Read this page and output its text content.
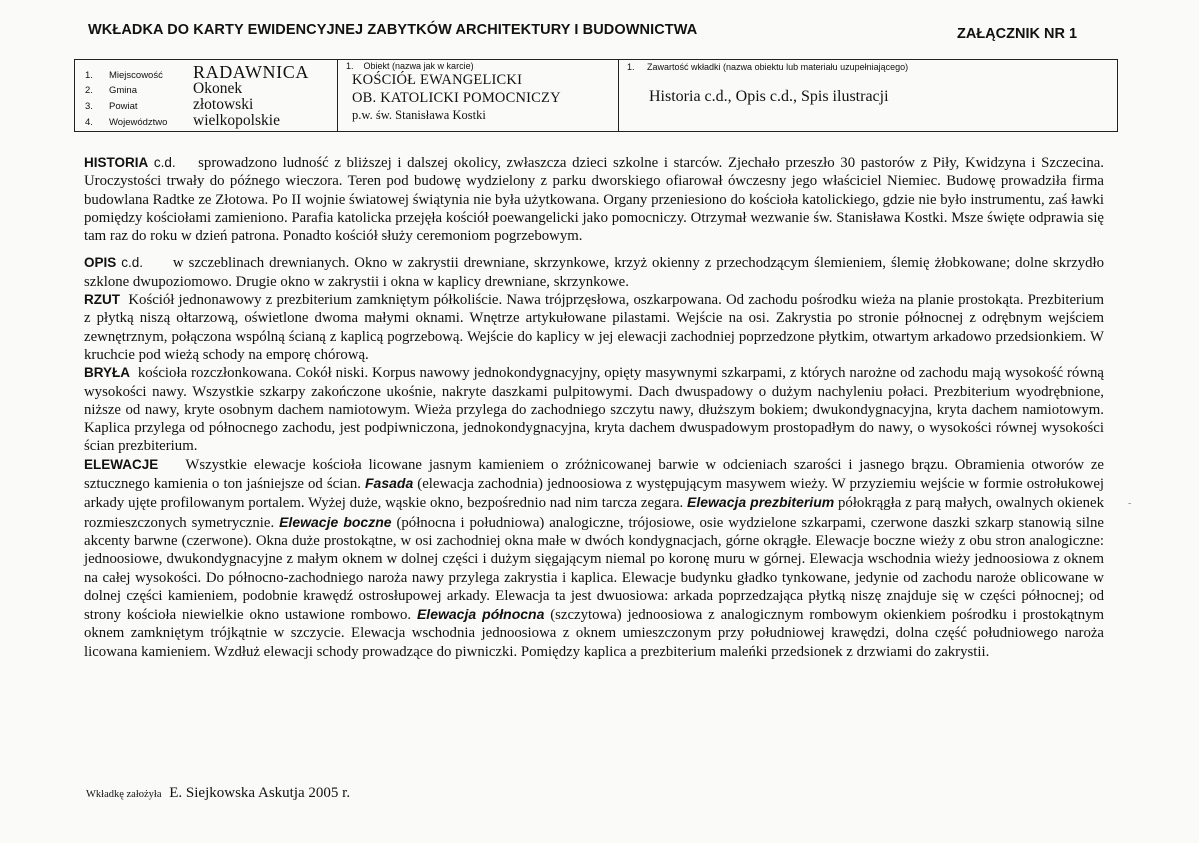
WKŁADKA DO KARTY EWIDENCYJNEJ ZABYTKÓW ARCHITEKTURY I BUDOWNICTWA	ZAŁĄCZNIK NR 1
1.	Miejscowość	RADAWNICA
2.	Gmina	Okonek
3.	Powiat	złotowski
4.	Województwo	wielkopolskie

1. Obiekt (nazwa jak w karcie)
KOŚCIÓŁ EWANGELICKI
OB. KATOLICKI POMOCNICZY
p.w. św. Stanisława Kostki

1. Zawartość wkładki (nazwa obiektu lub materiału uzupełniającego)
Historia c.d., Opis c.d., Spis ilustracji

HISTORIA c.d. sprowadzono ludność z bliższej i dalszej okolicy, zwłaszcza dzieci szkolne i starców. Zjechało przeszło 30 pastorów z Piły, Kwidzyna i Szczecina. Uroczystości trwały do późnego wieczora. Teren pod budowę wydzielony z parku dworskiego ofiarował ówczesny jego właściciel Niemiec. Budowę prowadziła firma budowlana Radtke ze Złotowa. Po II wojnie światowej świątynia nie była użytkowana. Organy przeniesiono do kościoła katolickiego, gdzie nie było instrumentu, zaś ławki pomiędzy kościołami zamieniono. Parafia katolicka przejęła kościół poewangelicki jako pomocniczy. Otrzymał wezwanie św. Stanisława Kostki. Msze święte odprawia się tam raz do roku w dzień patrona. Ponadto kościół służy ceremoniom pogrzebowym.

OPIS c.d. w szczeblinach drewnianych. Okno w zakrystii drewniane, skrzynkowe, krzyż okienny z przechodzącym ślemieniem, ślemię żłobkowane; dolne skrzydło szklone dwupoziomowo. Drugie okno w zakrystii i okna w kaplicy drewniane, skrzynkowe.

RZUT Kościół jednonawowy z prezbiterium zamkniętym półkoliście. Nawa trójprzęsłowa, oszkarpowana. Od zachodu pośrodku wieża na planie prostokąta. Prezbiterium z płytką niszą ołtarzową, oświetlone dwoma małymi oknami. Wnętrze artykułowane pilastami. Wejście na osi. Zakrystia po stronie północnej z odrębnym wejściem zewnętrznym, połączona wspólną ścianą z kaplicą pogrzebową. Wejście do kaplicy w jej elewacji zachodniej poprzedzone płytkim, otwartym arkadowo przedsionkiem. W kruchcie pod wieżą schody na emporę chórową.

BRYŁA kościoła rozczłonkowana. Cokół niski. Korpus nawowy jednokondygnacyjny, opięty masywnymi szkarpami, z których narożne od zachodu mają wysokość równą wysokości nawy. Wszystkie szkarpy zakończone ukośnie, nakryte daszkami pulpitowymi. Dach dwuspadowy o dużym nachyleniu połaci. Prezbiterium wyodrębnione, niższe od nawy, kryte osobnym dachem namiotowym. Wieża przylega do zachodniego szczytu nawy, dłuższym bokiem; dwukondygnacyjna, kryta dachem namiotowym. Kaplica przylega od północnego zachodu, jest podpiwniczona, jednokondygnacyjna, kryta dachem dwuspadowym prostopadłym do nawy, o wysokości równej wysokości ścian prezbiterium.

ELEWACJE Wszystkie elewacje kościoła licowane jasnym kamieniem o zróżnicowanej barwie w odcieniach szarości i jasnego brązu. Obramienia otworów ze sztucznego kamienia o ton jaśniejsze od ścian. Fasada (elewacja zachodnia) jednoosiowa z występującym masywem wieży. W przyziemiu wejście w formie ostrołukowej arkady ujęte profilowanym portalem. Wyżej duże, wąskie okno, bezpośrednio nad nim tarcza zegara. Elewacja prezbiterium półokrągła z parą małych, owalnych okienek rozmieszczonych symetrycznie. Elewacje boczne (północna i południowa) analogiczne, trójosiowe, osie wydzielone szkarpami, czerwone daszki szkarp stanowią silne akcenty barwne (czerwone). Okna duże prostokątne, w osi zachodniej okna małe w dwóch kondygnacjach, górne okrągłe. Elewacje boczne wieży z obu stron analogiczne: jednoosiowe, dwukondygnacyjne z małym oknem w dolnej części i dużym sięgającym niemal po koronę muru w górnej. Elewacja wschodnia wieży jednoosiowa z oknem na całej wysokości. Do północno-zachodniego naroża nawy przylega zakrystia i kaplica. Elewacje budynku gładko tynkowane, jedynie od zachodu naroże oblicowane w dolnej części kamieniem, podobnie krawędź ostrosłupowej arkady. Elewacja ta jest dwuosiowa: arkada poprzedzająca płytką niszę znajduje się w części północnej; od strony kościoła niewielkie okno ustawione rombowo. Elewacja północna (szczytowa) jednoosiowa z analogicznym rombowym okienkiem pośrodku i prostokątnym oknem zamkniętym trójkątnie w szczycie. Elewacja wschodnia jednoosiowa z oknem umieszczonym przy południowej krawędzi, dolna część południowego naroża licowana kamieniem. Wzdłuż elewacji schody prowadzące do piwniczki. Pomiędzy kaplica a prezbiterium maleńki przedsionek z drzwiami do zakrystii.

Wkładkę założyła E. Siejkowska Askutja 2005 r.
-
